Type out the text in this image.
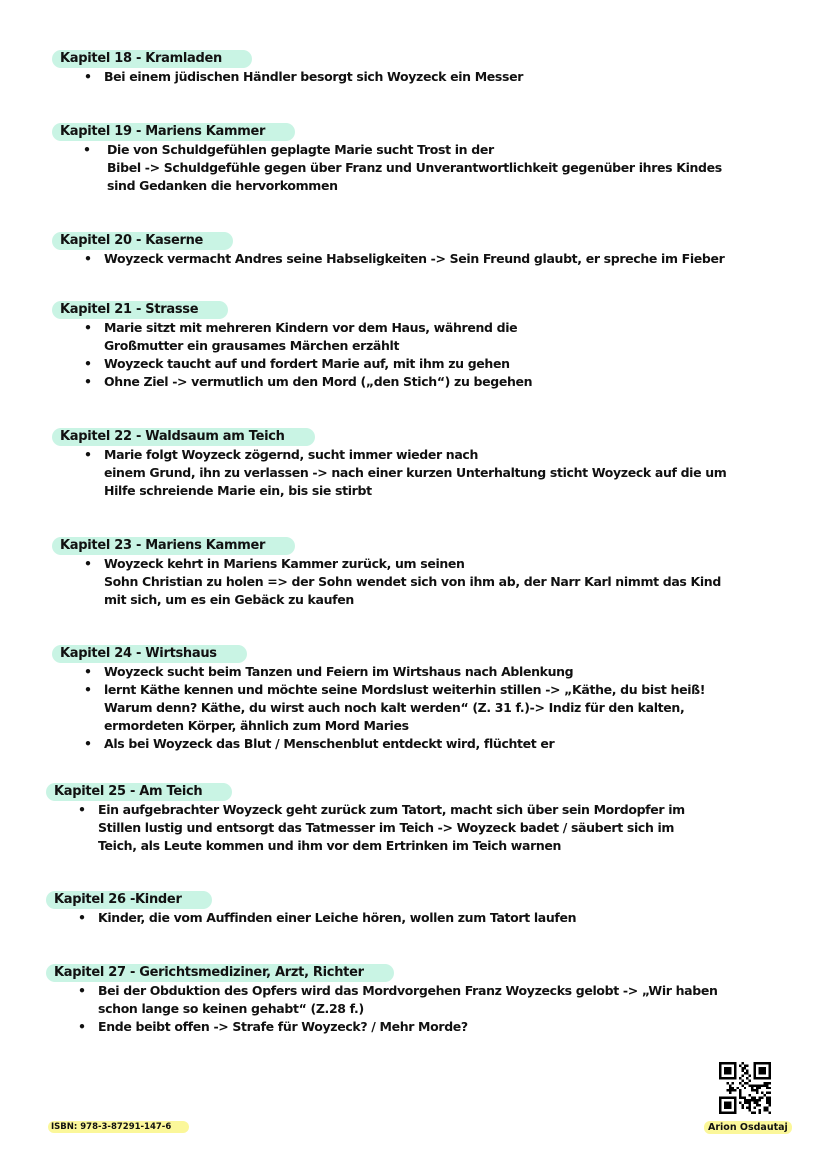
Kapitel 18 - Kramladen
• Bei einem jüdischen Händler besorgt sich Woyzeck ein Messer
Kapitel 19 - Mariens Kammer
• Die von Schuldgefühlen geplagte Marie sucht Trost in der
Bibel -> Schuldgefühle gegen über Franz und Unverantwortlichkeit gegenüber ihres Kindes
sind Gedanken die hervorkommen
Kapitel 20 - Kaserne
• Woyzeck vermacht Andres seine Habseligkeiten -> Sein Freund glaubt, er spreche im Fieber
Kapitel 21 - Strasse
• Marie sitzt mit mehreren Kindern vor dem Haus, während die
Großmutter ein grausames Märchen erzählt
• Woyzeck taucht auf und fordert Marie auf, mit ihm zu gehen
• Ohne Ziel -> vermutlich um den Mord („den Stich“) zu begehen
Kapitel 22 - Waldsaum am Teich
• Marie folgt Woyzeck zögernd, sucht immer wieder nach
einem Grund, ihn zu verlassen -> nach einer kurzen Unterhaltung sticht Woyzeck auf die um
Hilfe schreiende Marie ein, bis sie stirbt
Kapitel 23 - Mariens Kammer
• Woyzeck kehrt in Mariens Kammer zurück, um seinen
Sohn Christian zu holen => der Sohn wendet sich von ihm ab, der Narr Karl nimmt das Kind
mit sich, um es ein Gebäck zu kaufen
Kapitel 24 - Wirtshaus
• Woyzeck sucht beim Tanzen und Feiern im Wirtshaus nach Ablenkung
• lernt Käthe kennen und möchte seine Mordslust weiterhin stillen -> „Käthe, du bist heiß!
Warum denn? Käthe, du wirst auch noch kalt werden“ (Z. 31 f.)-> Indiz für den kalten,
ermordeten Körper, ähnlich zum Mord Maries
• Als bei Woyzeck das Blut / Menschenblut entdeckt wird, flüchtet er
Kapitel 25 - Am Teich
• Ein aufgebrachter Woyzeck geht zurück zum Tatort, macht sich über sein Mordopfer im
Stillen lustig und entsorgt das Tatmesser im Teich -> Woyzeck badet / säubert sich im
Teich, als Leute kommen und ihm vor dem Ertrinken im Teich warnen
Kapitel 26 -Kinder
• Kinder, die vom Auffinden einer Leiche hören, wollen zum Tatort laufen
Kapitel 27 - Gerichtsmediziner, Arzt, Richter
• Bei der Obduktion des Opfers wird das Mordvorgehen Franz Woyzecks gelobt -> „Wir haben
schon lange so keinen gehabt“ (Z.28 f.)
• Ende beibt offen -> Strafe für Woyzeck? / Mehr Morde?
ISBN: 978-3-87291-147-6	Arion Osdautaj
